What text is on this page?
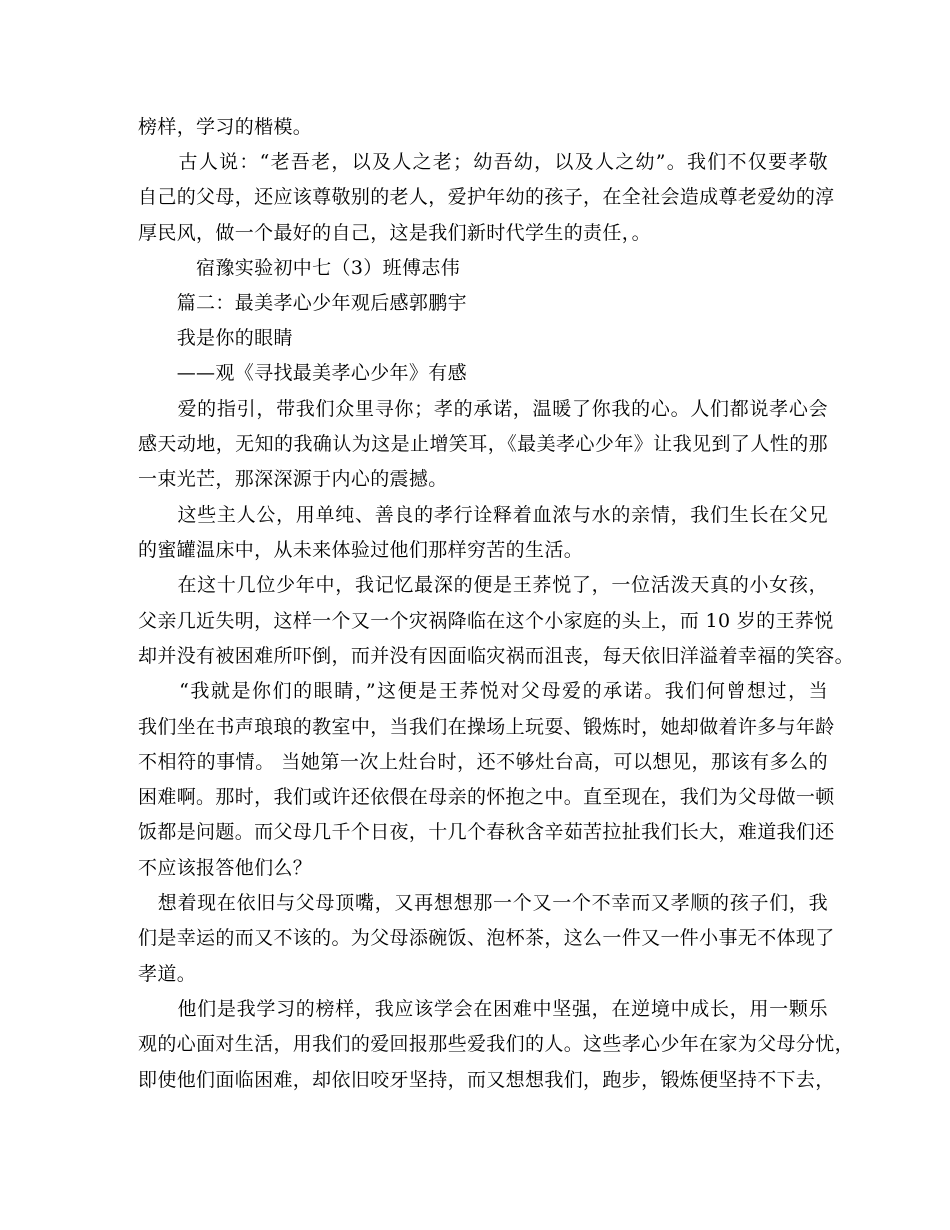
榜样，学习的楷模。
　　古人说：“老吾老，以及人之老；幼吾幼，以及人之幼”。我们不仅要孝敬
自己的父母，还应该尊敬别的老人，爱护年幼的孩子，在全社会造成尊老爱幼的淳
厚民风，做一个最好的自己，这是我们新时代学生的责任，。
　　　宿豫实验初中七（3）班傅志伟
　　篇二：最美孝心少年观后感郭鹏宇
　　我是你的眼睛
　　——观《寻找最美孝心少年》有感
　　爱的指引，带我们众里寻你；孝的承诺，温暖了你我的心。人们都说孝心会
感天动地，无知的我确认为这是止增笑耳，《最美孝心少年》让我见到了人性的那
一束光芒，那深深源于内心的震撼。
　　这些主人公，用单纯、善良的孝行诠释着血浓与水的亲情，我们生长在父兄
的蜜罐温床中，从未来体验过他们那样穷苦的生活。
　　在这十几位少年中，我记忆最深的便是王荞悦了，一位活泼天真的小女孩，
父亲几近失明，这样一个又一个灾祸降临在这个小家庭的头上，而 10 岁的王荞悦
却并没有被困难所吓倒，而并没有因面临灾祸而沮丧，每天依旧洋溢着幸福的笑容。
　　“我就是你们的眼睛，”这便是王荞悦对父母爱的承诺。我们何曾想过，当
我们坐在书声琅琅的教室中，当我们在操场上玩耍、锻炼时，她却做着许多与年龄
不相符的事情。 当她第一次上灶台时，还不够灶台高，可以想见，那该有多么的
困难啊。那时，我们或许还依偎在母亲的怀抱之中。直至现在，我们为父母做一顿
饭都是问题。而父母几千个日夜，十几个春秋含辛茹苦拉扯我们长大，难道我们还
不应该报答他们么？
　想着现在依旧与父母顶嘴，又再想想那一个又一个不幸而又孝顺的孩子们，我
们是幸运的而又不该的。为父母添碗饭、泡杯茶，这么一件又一件小事无不体现了
孝道。
　　他们是我学习的榜样，我应该学会在困难中坚强，在逆境中成长，用一颗乐
观的心面对生活，用我们的爱回报那些爱我们的人。这些孝心少年在家为父母分忧，
即使他们面临困难，却依旧咬牙坚持，而又想想我们，跑步，锻炼便坚持不下去，
